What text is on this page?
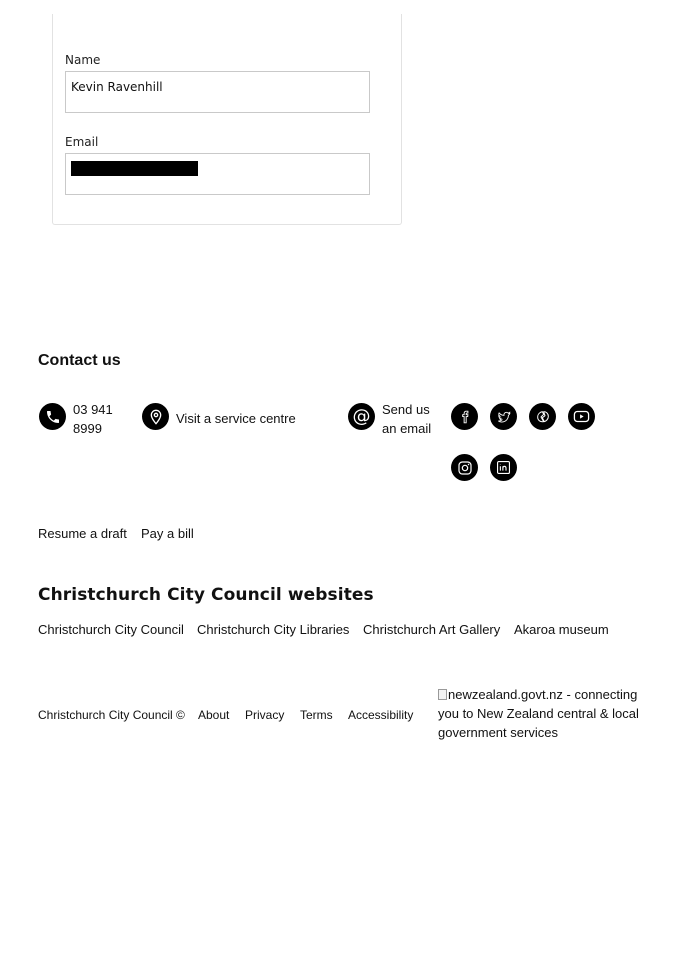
Name
Kevin Ravenhill
Email
Contact us
03 941
8999
Visit a service centre	@ Send us
an email
Resume a draft Pay a bill
Christchurch City Council websites
Christchurch City Council Christchurch City Libraries Christchurch Art Gallery Akaroa museum
Christchurch City Council © About Privacy Terms Accessibility
newzealand.govt.nz - connecting you to New Zealand central & local government services
